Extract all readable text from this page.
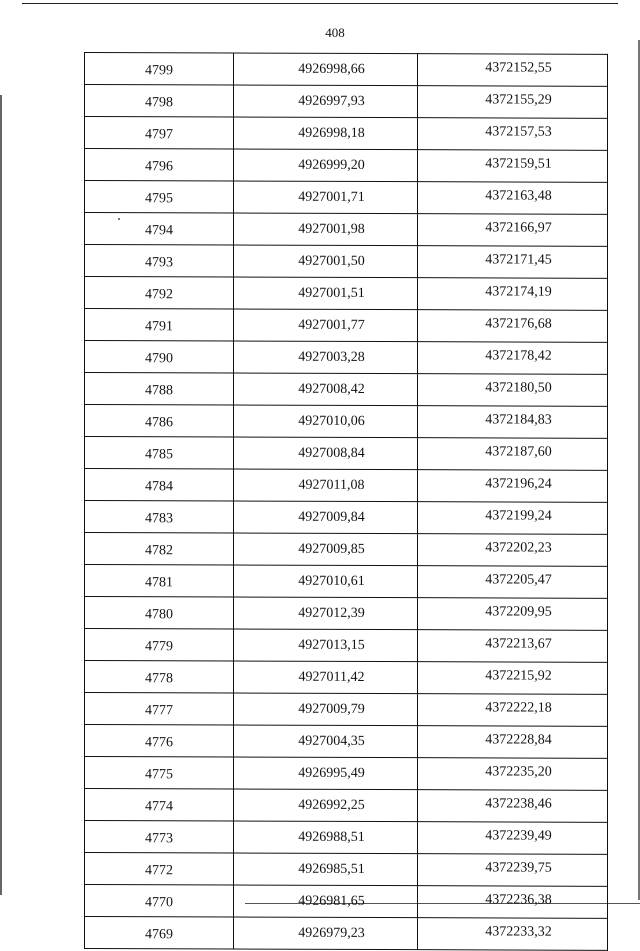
408
4799	4926998,66	4372152,55
4798	4926997,93	4372155,29
4797	4926998,18	4372157,53
4796	4926999,20	4372159,51
4795	4927001,71	4372163,48
4794	4927001,98	4372166,97
4793	4927001,50	4372171,45
4792	4927001,51	4372174,19
4791	4927001,77	4372176,68
4790	4927003,28	4372178,42
4788	4927008,42	4372180,50
4786	4927010,06	4372184,83
4785	4927008,84	4372187,60
4784	4927011,08	4372196,24
4783	4927009,84	4372199,24
4782	4927009,85	4372202,23
4781	4927010,61	4372205,47
4780	4927012,39	4372209,95
4779	4927013,15	4372213,67
4778	4927011,42	4372215,92
4777	4927009,79	4372222,18
4776	4927004,35	4372228,84
4775	4926995,49	4372235,20
4774	4926992,25	4372238,46
4773	4926988,51	4372239,49
4772	4926985,51	4372239,75
4770	4926981,65	4372236,38
4769	4926979,23	4372233,32
